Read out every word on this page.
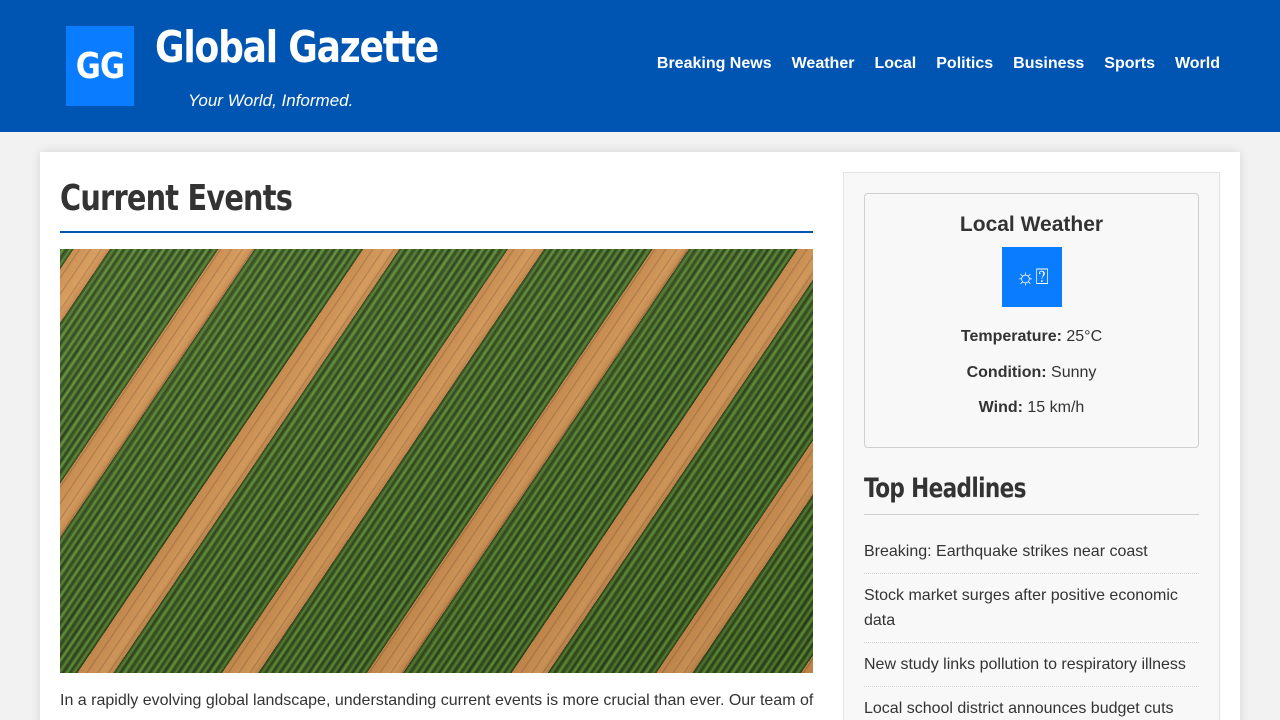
GG Global Gazette
Your World, Informed.
Breaking News Weather Local Politics Business Sports World
Current Events

In a rapidly evolving global landscape, understanding current events is more crucial than ever. Our team of

Local Weather
☼⍰
Temperature: 25°C
Condition: Sunny
Wind: 15 km/h
Top Headlines
Breaking: Earthquake strikes near coast
Stock market surges after positive economic data
New study links pollution to respiratory illness
Local school district announces budget cuts
